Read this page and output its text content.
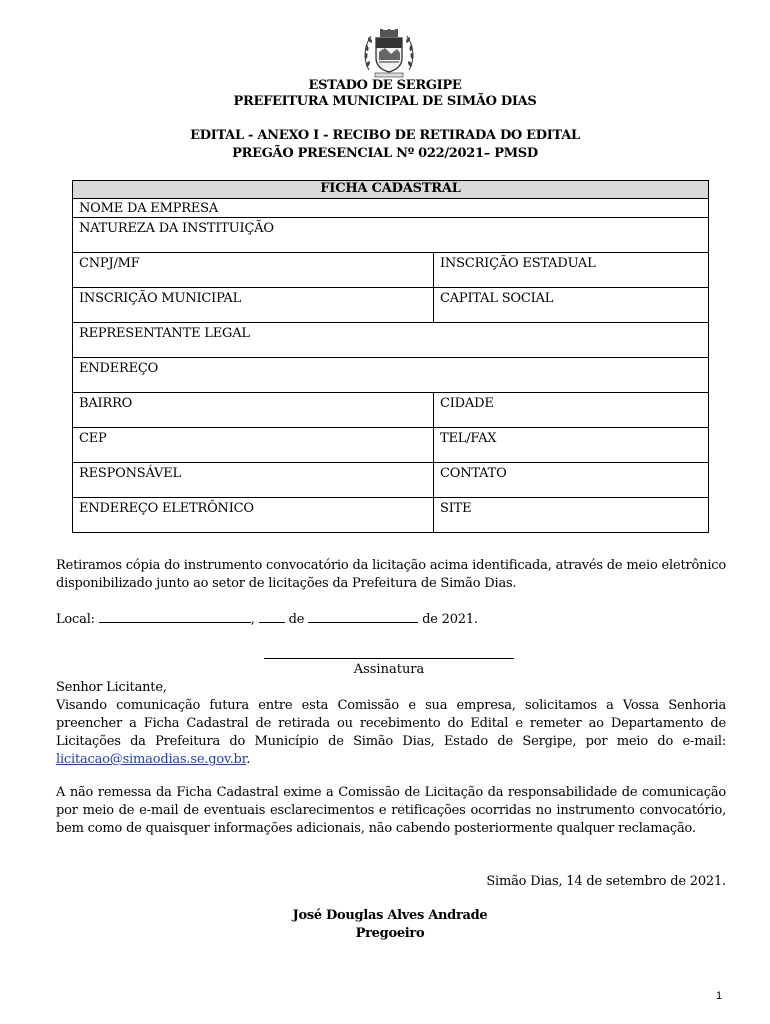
ESTADO DE SERGIPE
PREFEITURA MUNICIPAL DE SIMÃO DIAS
EDITAL - ANEXO I - RECIBO DE RETIRADA DO EDITAL
PREGÃO PRESENCIAL Nº 022/2021– PMSD
FICHA CADASTRAL	
NOME DA EMPRESA	
NATUREZA DA INSTITUIÇÃO	
CNPJ/MF	INSCRIÇÃO ESTADUAL
INSCRIÇÃO MUNICIPAL	CAPITAL SOCIAL
REPRESENTANTE LEGAL	
ENDEREÇO	
BAIRRO	CIDADE
CEP	TEL/FAX
RESPONSÁVEL	CONTATO
ENDEREÇO ELETRÔNICO	SITE
Retiramos cópia do instrumento convocatório da licitação acima identificada, através de meio eletrônico disponibilizado junto ao setor de licitações da Prefeitura de Simão Dias.
Local:	,	de	de 2021.
Assinatura
Senhor Licitante,
Visando comunicação futura entre esta Comissão e sua empresa, solicitamos a Vossa Senhoria preencher a Ficha Cadastral de retirada ou recebimento do Edital e remeter ao Departamento de Licitações da Prefeitura do Município de Simão Dias, Estado de Sergipe, por meio do e-mail: licitacao@simaodias.se.gov.br.
A não remessa da Ficha Cadastral exime a Comissão de Licitação da responsabilidade de comunicação por meio de e-mail de eventuais esclarecimentos e retificações ocorridas no instrumento convocatório, bem como de quaisquer informações adicionais, não cabendo posteriormente qualquer reclamação.
Simão Dias, 14 de setembro de 2021.
José Douglas Alves Andrade
Pregoeiro
1
